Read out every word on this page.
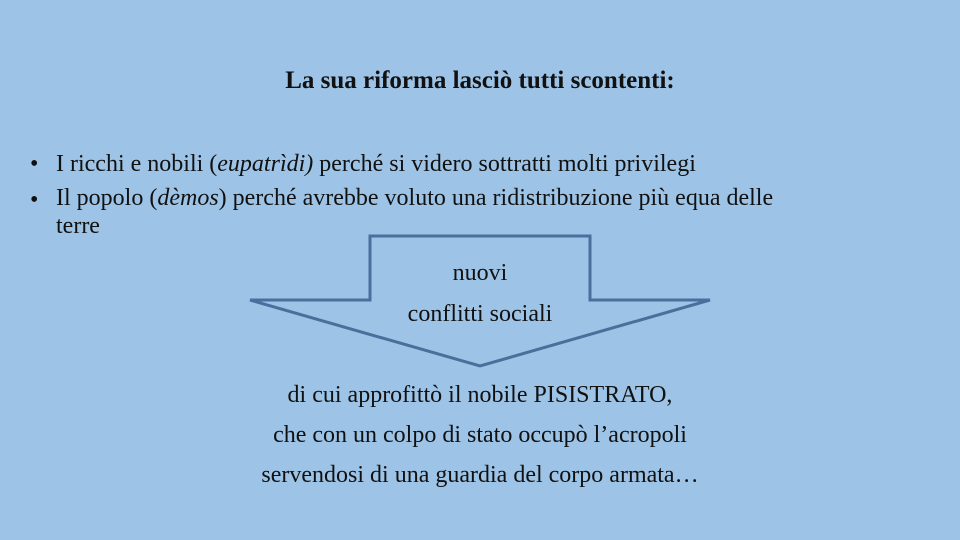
La sua riforma lasciò tutti scontenti:
• I ricchi e nobili (eupatrìdi) perché si videro sottratti molti privilegi
• Il popolo (dèmos) perché avrebbe voluto una ridistribuzione più equa delle
terre
nuovi
conflitti sociali
di cui approfittò il nobile PISISTRATO,
che con un colpo di stato occupò l’acropoli
servendosi di una guardia del corpo armata…
